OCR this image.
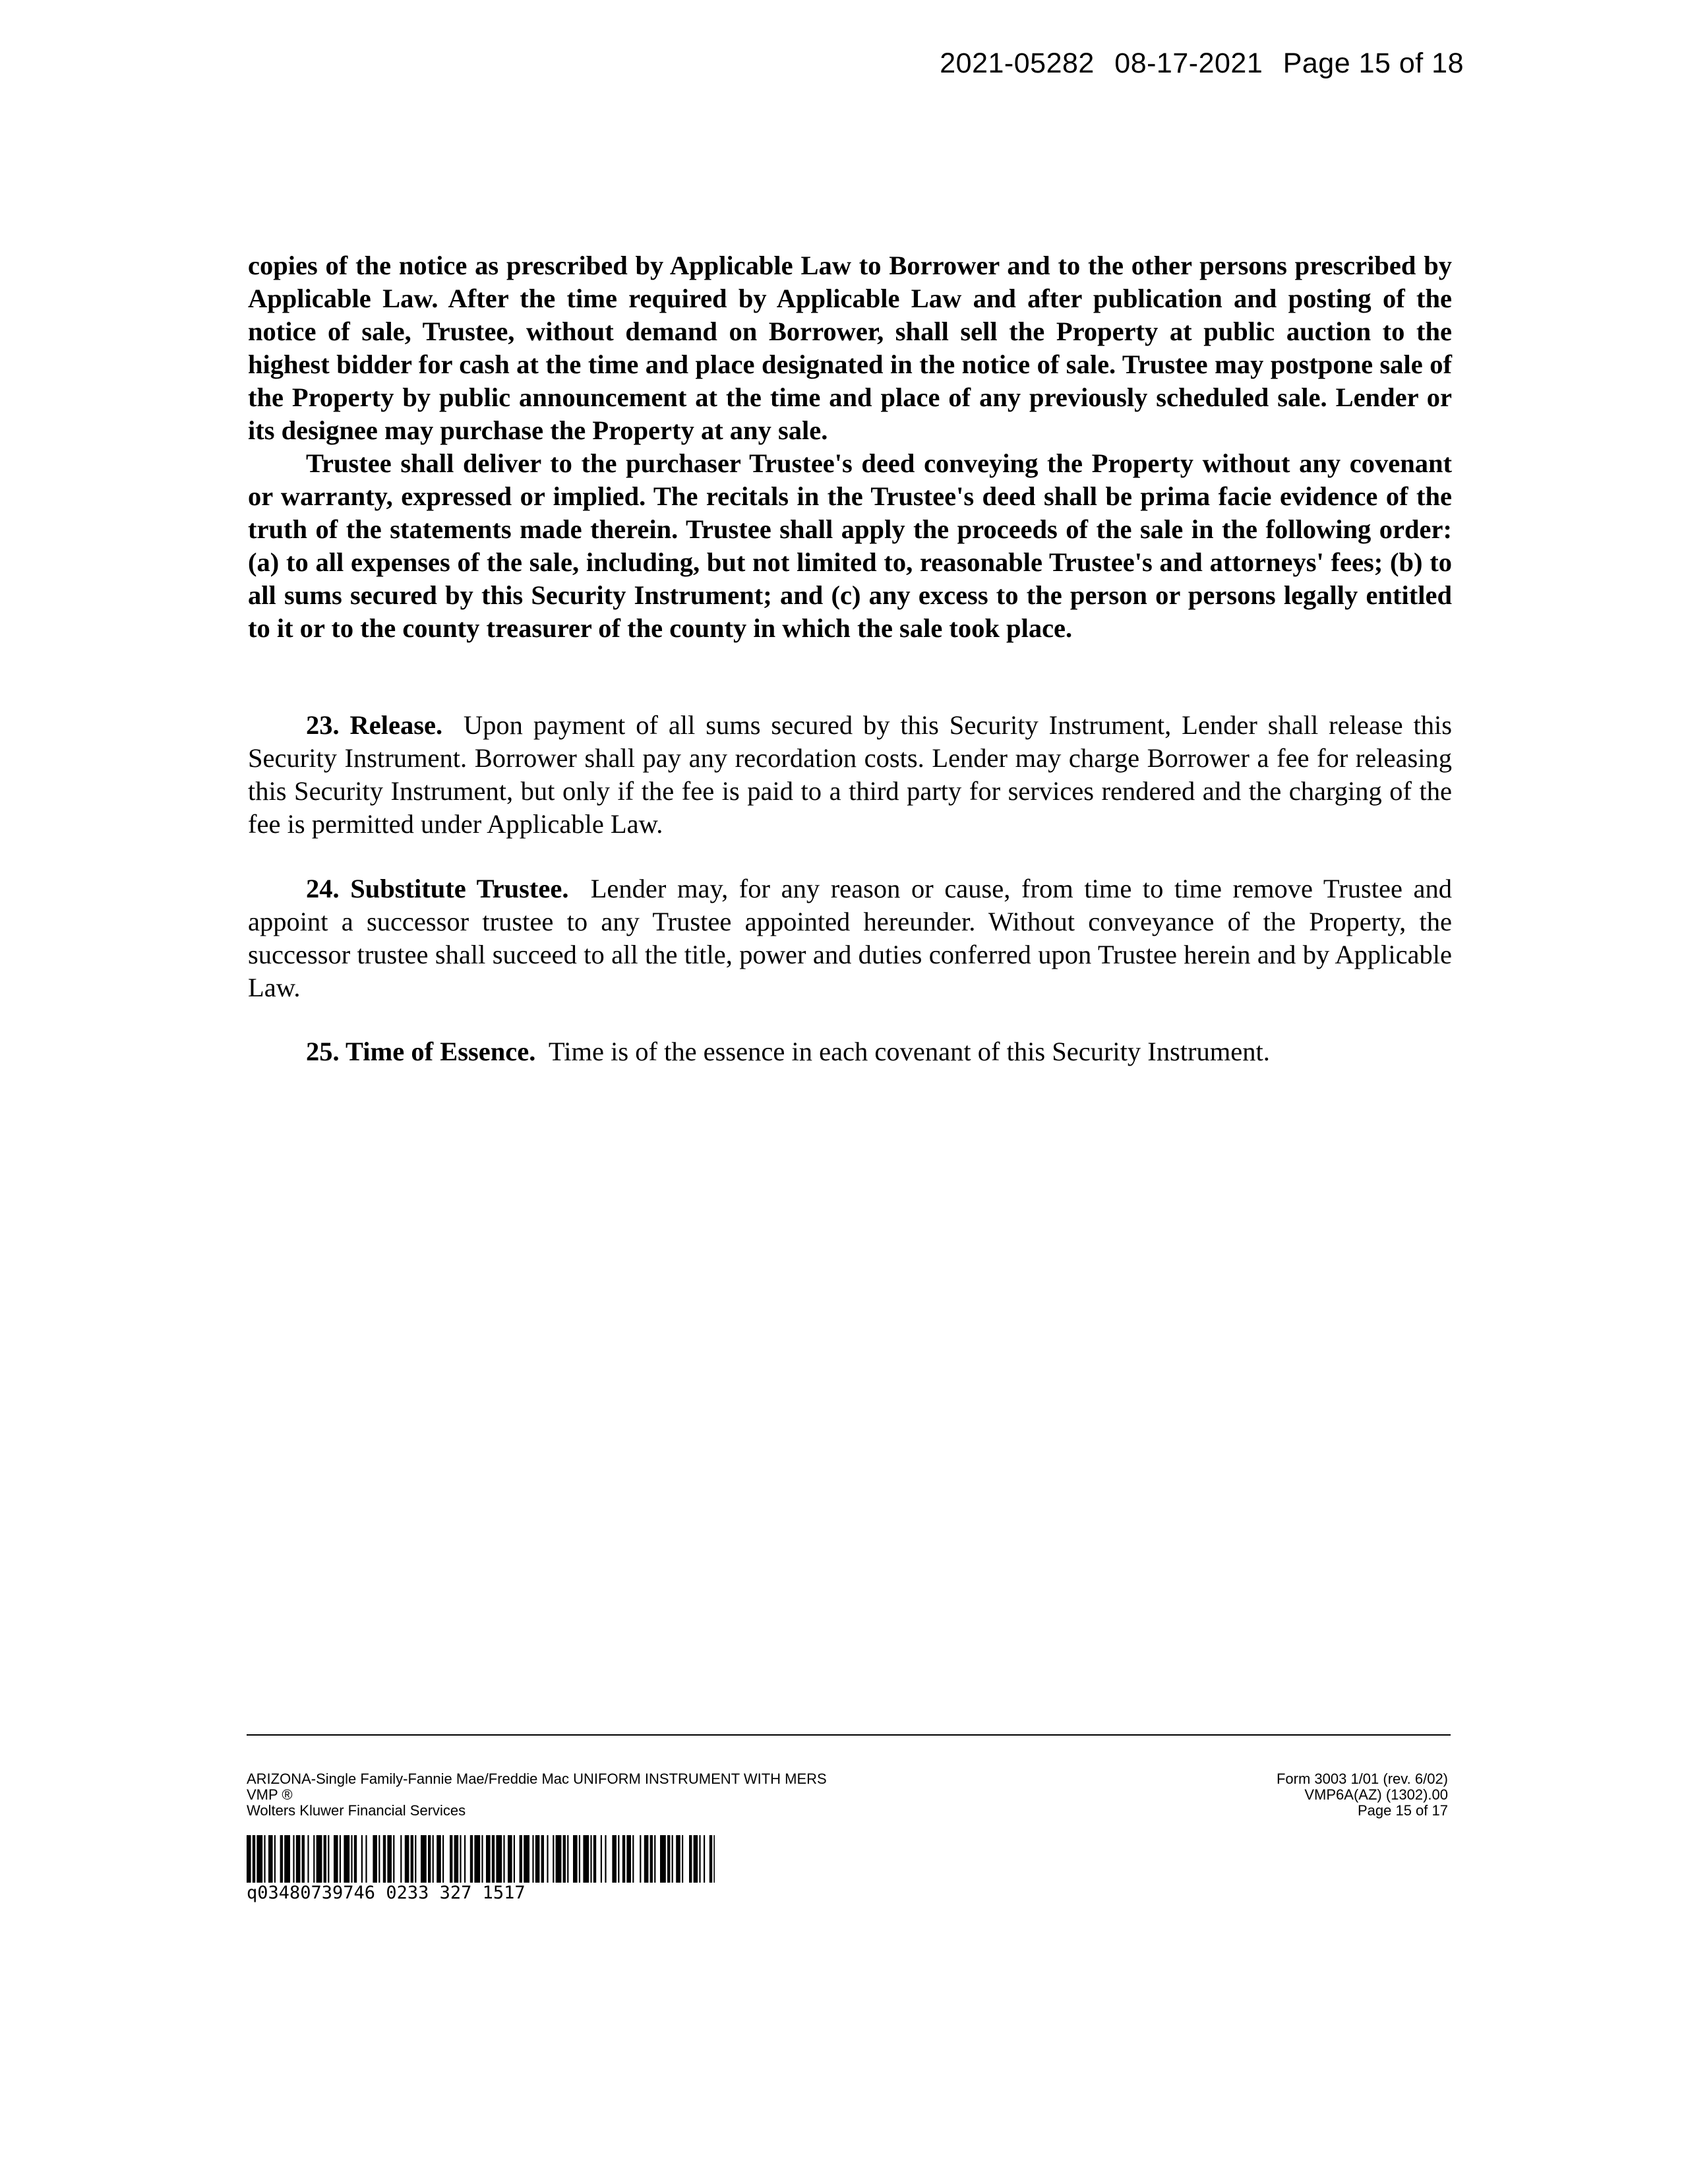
2021-05282 08-17-2021 Page 15 of 18

copies of the notice as prescribed by Applicable Law to Borrower and to the other persons prescribed by Applicable Law. After the time required by Applicable Law and after publication and posting of the notice of sale, Trustee, without demand on Borrower, shall sell the Property at public auction to the highest bidder for cash at the time and place designated in the notice of sale. Trustee may postpone sale of the Property by public announcement at the time and place of any previously scheduled sale. Lender or its designee may purchase the Property at any sale.

Trustee shall deliver to the purchaser Trustee's deed conveying the Property without any covenant or warranty, expressed or implied. The recitals in the Trustee's deed shall be prima facie evidence of the truth of the statements made therein. Trustee shall apply the proceeds of the sale in the following order: (a) to all expenses of the sale, including, but not limited to, reasonable Trustee's and attorneys' fees; (b) to all sums secured by this Security Instrument; and (c) any excess to the person or persons legally entitled to it or to the county treasurer of the county in which the sale took place.

23. Release. Upon payment of all sums secured by this Security Instrument, Lender shall release this Security Instrument. Borrower shall pay any recordation costs. Lender may charge Borrower a fee for releasing this Security Instrument, but only if the fee is paid to a third party for services rendered and the charging of the fee is permitted under Applicable Law.

24. Substitute Trustee. Lender may, for any reason or cause, from time to time remove Trustee and appoint a successor trustee to any Trustee appointed hereunder. Without conveyance of the Property, the successor trustee shall succeed to all the title, power and duties conferred upon Trustee herein and by Applicable Law.

25. Time of Essence. Time is of the essence in each covenant of this Security Instrument.

ARIZONA-Single Family-Fannie Mae/Freddie Mac UNIFORM INSTRUMENT WITH MERS
VMP ®
Wolters Kluwer Financial Services
Form 3003 1/01 (rev. 6/02)
VMP6A(AZ) (1302).00
Page 15 of 17
q03480739746 0233 327 1517
